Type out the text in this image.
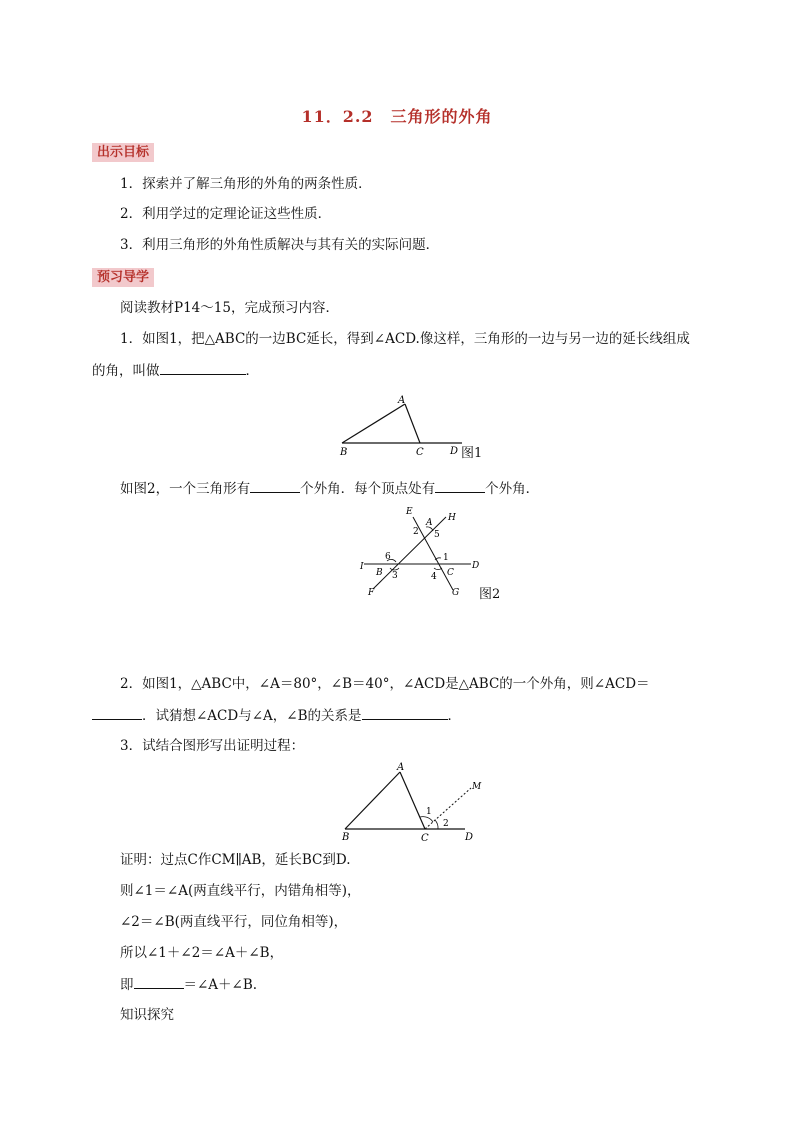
11．2.2　三角形的外角
出示目标
1．探索并了解三角形的外角的两条性质．
2．利用学过的定理论证这些性质．
3．利用三角形的外角性质解决与其有关的实际问题．
预习导学
阅读教材P14～15，完成预习内容．
1．如图1，把△ABC的一边BC延长，得到∠ACD.像这样，三角形的一边与另一边的延长线组成
的角，叫做	．
A
B	C	D 图1
如图2，一个三角形有	个外角．每个顶点处有	个外角．
E
A H
2 5
6	1
I
B 3	4 C
D
F	G 图2
2．如图1，△ABC中，∠A＝80°，∠B＝40°，∠ACD是△ABC的一个外角，则∠ACD＝
．试猜想∠ACD与∠A，∠B的关系是	．
3．试结合图形写出证明过程：
A
M
1
2
B	C	D
证明：过点C作CM∥AB，延长BC到D.
则∠1＝∠A(两直线平行，内错角相等)，
∠2＝∠B(两直线平行，同位角相等)，
所以∠1＋∠2＝∠A＋∠B，
即	＝∠A＋∠B.
知识探究
